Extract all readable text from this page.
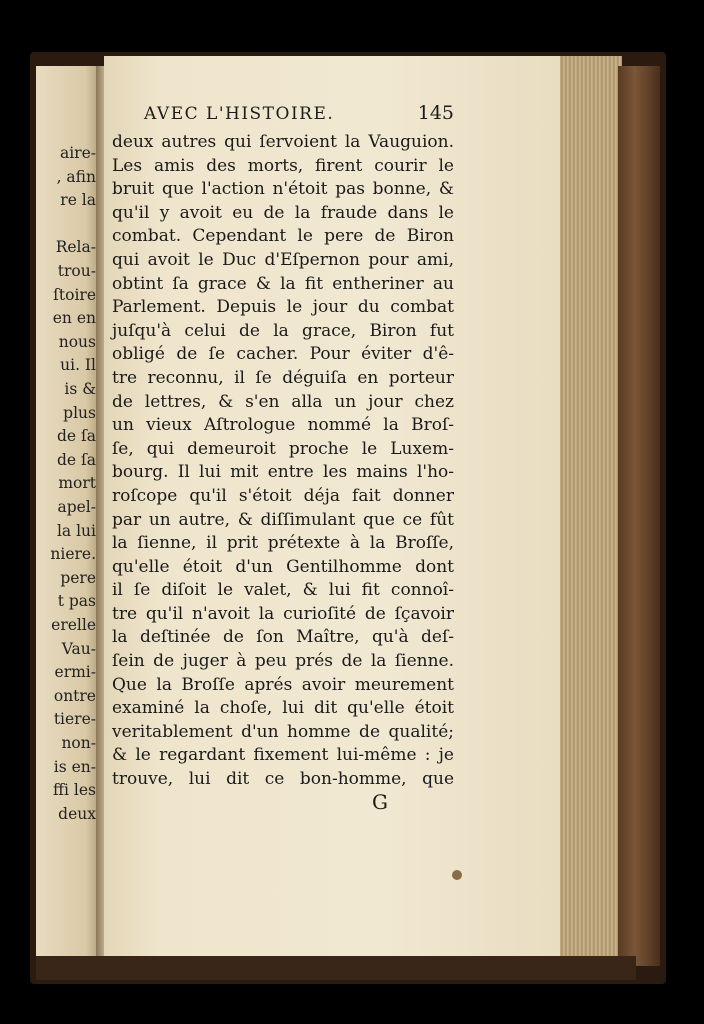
aire-
, afin
re la
Rela-
trou-
ſtoire
en en
nous
ui. Il
is &
plus
de ſa
de ſa
mort
apel-
la lui
niere.
pere
t pas
erelle
Vau-
ermi-
ontre
tiere-
non-
is en-
ffi les
deux
AVEC L'HISTOIRE.	145
deux autres qui ſervoient la Vauguion.
Les amis des morts, firent courir le
bruit que l'action n'étoit pas bonne, &
qu'il y avoit eu de la fraude dans le
combat. Cependant le pere de Biron
qui avoit le Duc d'Eſpernon pour ami,
obtint ſa grace & la fit entheriner au
Parlement. Depuis le jour du combat
juſqu'à celui de la grace, Biron fut
obligé de ſe cacher. Pour éviter d'ê-
tre reconnu, il ſe déguiſa en porteur
de lettres, & s'en alla un jour chez
un vieux Aſtrologue nommé la Broſ-
ſe, qui demeuroit proche le Luxem-
bourg. Il lui mit entre les mains l'ho-
roſcope qu'il s'étoit déja fait donner
par un autre, & diſſimulant que ce fût
la ſienne, il prit prétexte à la Broſſe,
qu'elle étoit d'un Gentilhomme dont
il ſe diſoit le valet, & lui fit connoî-
tre qu'il n'avoit la curioſité de ſçavoir
la deſtinée de ſon Maître, qu'à deſ-
ſein de juger à peu prés de la ſienne.
Que la Broſſe aprés avoir meurement
examiné la choſe, lui dit qu'elle étoit
veritablement d'un homme de qualité;
& le regardant fixement lui-même : je
trouve, lui dit ce bon-homme, que
G
